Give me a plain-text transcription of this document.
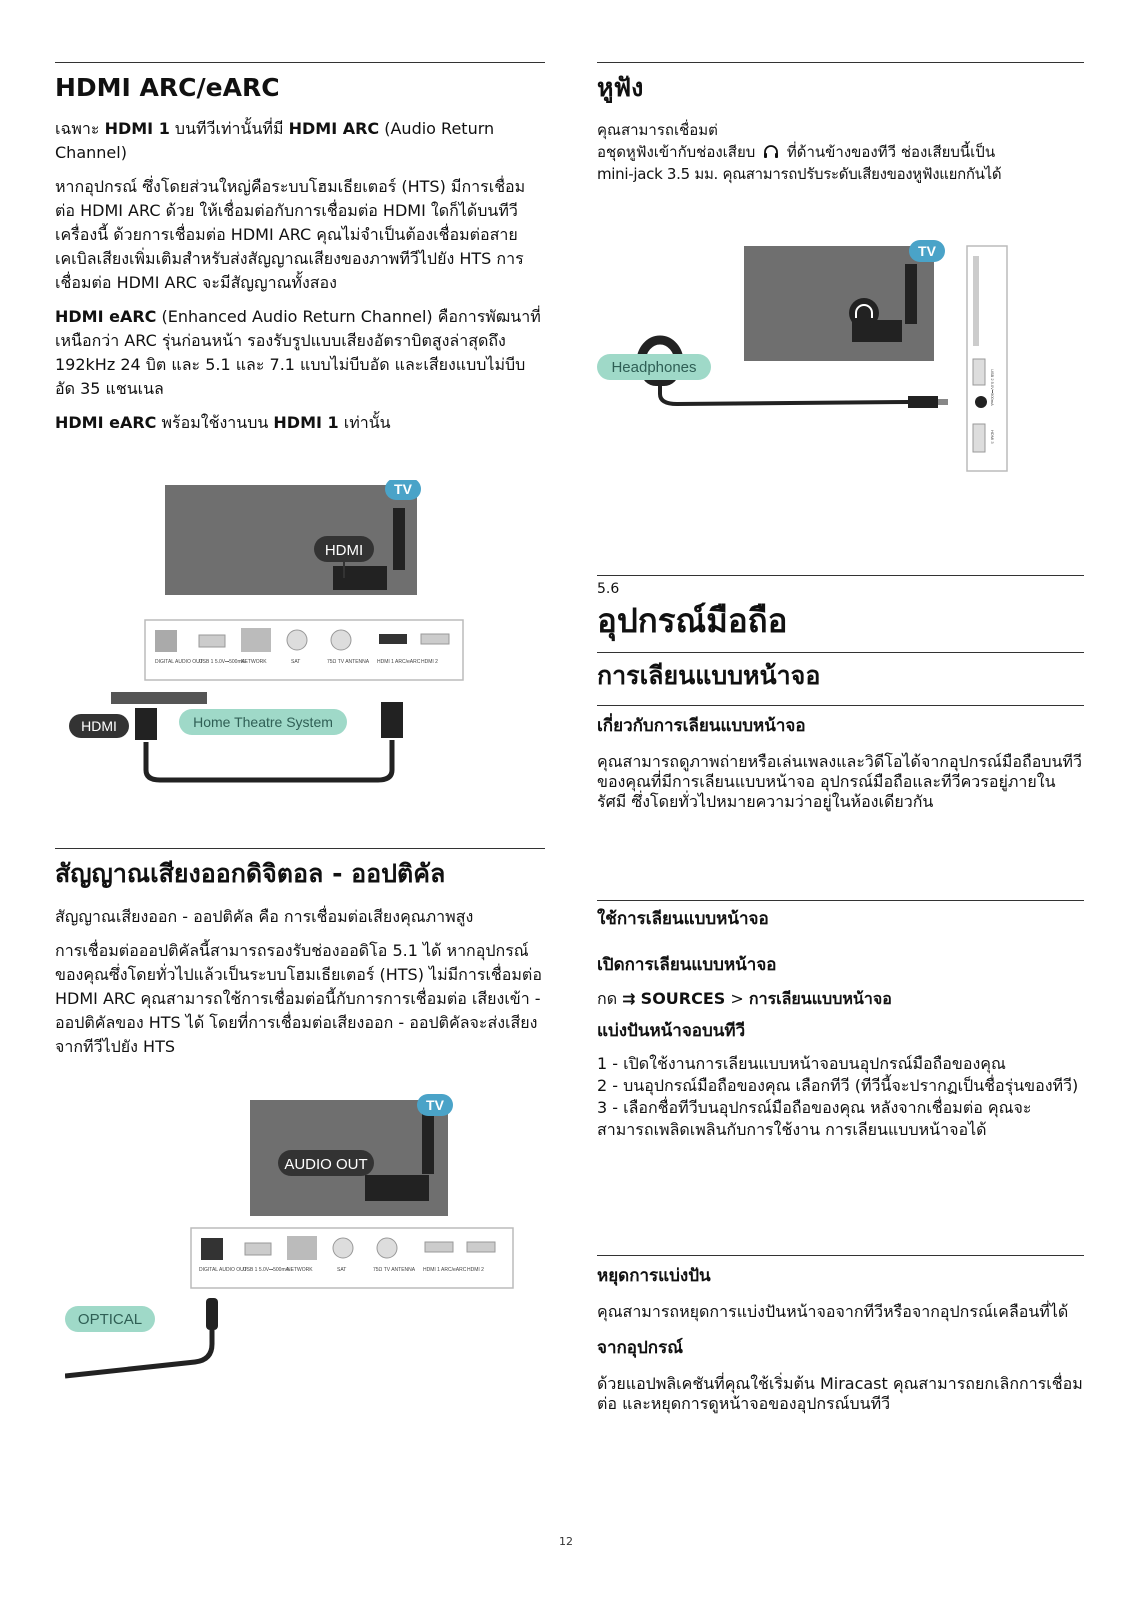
HDMI ARC/eARC

เฉพาะ HDMI 1 บนทีวีเท่านั้นที่มี HDMI ARC (Audio Return Channel)

หากอุปกรณ์ ซึ่งโดยส่วนใหญ่คือระบบโฮมเธียเตอร์ (HTS) มีการเชื่อมต่อ HDMI ARC ด้วย ให้เชื่อมต่อกับการเชื่อมต่อ HDMI ใดก็ได้บนทีวีเครื่องนี้ ด้วยการเชื่อมต่อ HDMI ARC คุณไม่จำเป็นต้องเชื่อมต่อสายเคเบิลเสียงเพิ่มเติมสำหรับส่งสัญญาณเสียงของภาพทีวีไปยัง HTS การเชื่อมต่อ HDMI ARC จะมีสัญญาณทั้งสอง

HDMI eARC (Enhanced Audio Return Channel) คือการพัฒนาที่เหนือกว่า ARC รุ่นก่อนหน้า รองรับรูปแบบเสียงอัตราบิตสูงล่าสุดถึง 192kHz 24 บิต และ 5.1 และ 7.1 แบบไม่บีบอัด และเสียงแบบไม่บีบอัด 35 แชนเนล

HDMI eARC พร้อมใช้งานบน HDMI 1 เท่านั้น

TV
HDMI
DIGITAL AUDIO OUT
USB 1 5.0V⎓500mA
NETWORK	SAT	75Ω TV ANTENNA HDMI 1 ARC/eARC HDMI 2
HDMI	Home Theatre System
สัญญาณเสียงออกดิจิตอล - ออปติคัล

สัญญาณเสียงออก - ออปติคัล คือ การเชื่อมต่อเสียงคุณภาพสูง

การเชื่อมต่อออปติคัลนี้สามารถรองรับช่องออดิโอ 5.1 ได้ หากอุปกรณ์ของคุณซึ่งโดยทั่วไปแล้วเป็นระบบโฮมเธียเตอร์ (HTS) ไม่มีการเชื่อมต่อ HDMI ARC คุณสามารถใช้การเชื่อมต่อนี้กับการการเชื่อมต่อ เสียงเข้า - ออปติคัลของ HTS ได้ โดยที่การเชื่อมต่อเสียงออก - ออปติคัลจะส่งเสียงจากทีวีไปยัง HTS

TV
AUDIO OUT
DIGITAL AUDIO OUT
USB 1 5.0V⎓500mA
NETWORK	SAT	75Ω TV ANTENNA HDMI 1 ARC/eARC HDMI 2
OPTICAL
หูฟัง

คุณสามารถเชื่อมต่

อชุดหูฟังเข้ากับช่องเสียบ ที่ด้านข้างของทีวี ช่องเสียบนี้เป็น

mini-jack 3.5 มม. คุณสามารถปรับระดับเสียงของหูฟังแยกกันได้

TV
USB 2 5.0V⎓500mA
HDMI 3
Headphones

5.6

อุปกรณ์มือถือ
การเลียนแบบหน้าจอ
เกี่ยวกับการเลียนแบบหน้าจอ

คุณสามารถดูภาพถ่ายหรือเล่นเพลงและวิดีโอได้จากอุปกรณ์มือถือบนทีวีของคุณที่มีการเลียนแบบหน้าจอ อุปกรณ์มือถือและทีวีควรอยู่ภายในรัศมี ซึ่งโดยทั่วไปหมายความว่าอยู่ในห้องเดียวกัน

ใช้การเลียนแบบหน้าจอ
เปิดการเลียนแบบหน้าจอ

กด ⇉ SOURCES > การเลียนแบบหน้าจอ

แบ่งปันหน้าจอบนทีวี

1 - เปิดใช้งานการเลียนแบบหน้าจอบนอุปกรณ์มือถือของคุณ

2 - บนอุปกรณ์มือถือของคุณ เลือกทีวี (ทีวีนี้จะปรากฏเป็นชื่อรุ่นของทีวี)

3 - เลือกชื่อทีวีบนอุปกรณ์มือถือของคุณ หลังจากเชื่อมต่อ คุณจะสามารถเพลิดเพลินกับการใช้งาน การเลียนแบบหน้าจอได้

หยุดการแบ่งปัน

คุณสามารถหยุดการแบ่งปันหน้าจอจากทีวีหรือจากอุปกรณ์เคลือนที่ได้

จากอุปกรณ์

ด้วยแอปพลิเคชันที่คุณใช้เริ่มต้น Miracast คุณสามารถยกเลิกการเชื่อมต่อ และหยุดการดูหน้าจอของอุปกรณ์บนทีวี

12
